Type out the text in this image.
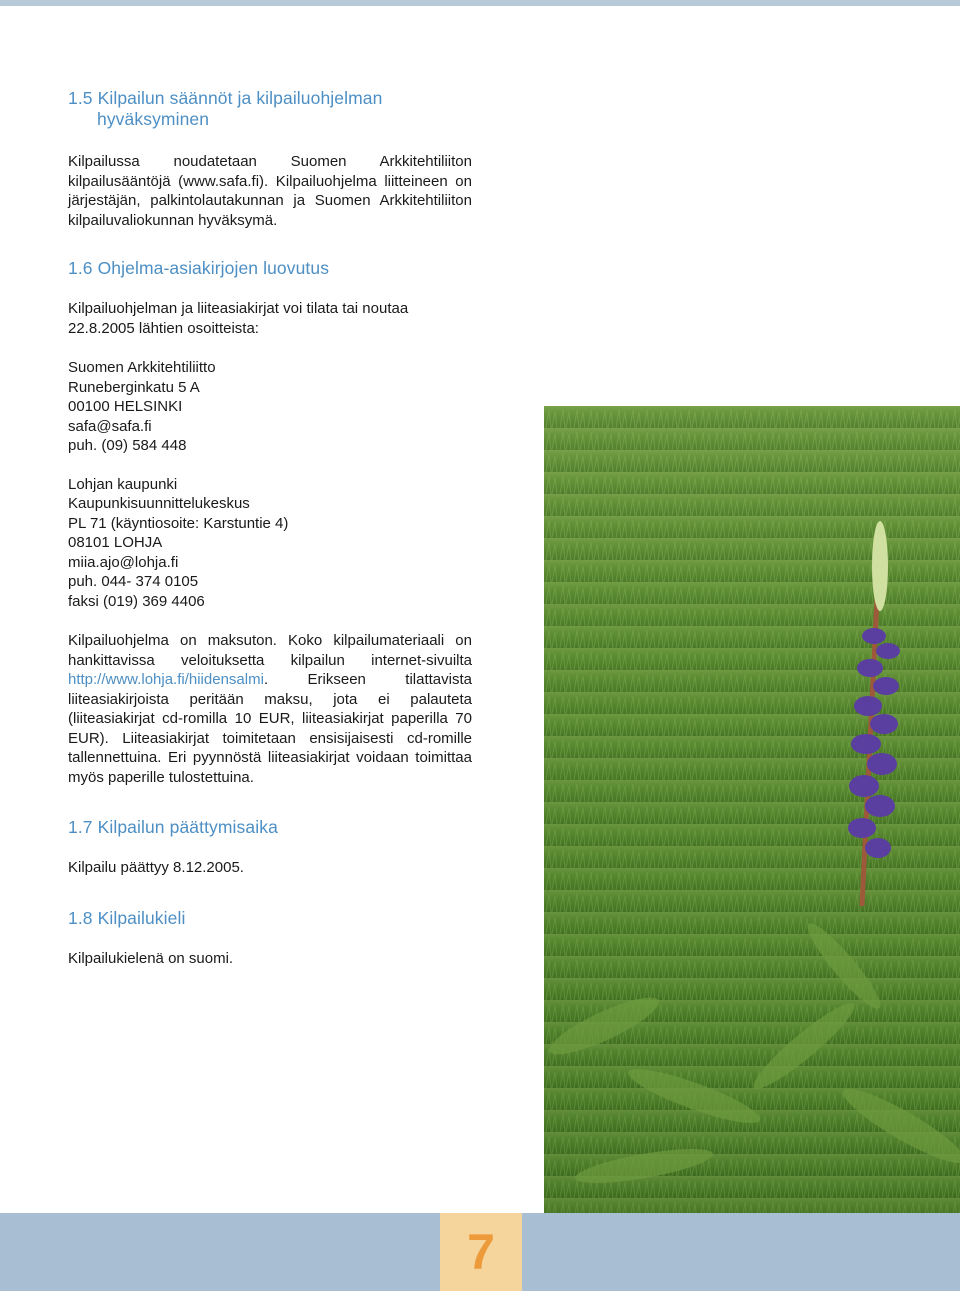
1.5 Kilpailun säännöt ja kilpailuohjelman
hyväksyminen

Kilpailussa noudatetaan Suomen Arkkitehtiliiton kilpailusääntöjä (www.safa.fi). Kilpailuohjelma liitteineen on järjestäjän, palkintolautakunnan ja Suomen Arkkitehtiliiton kilpailuvaliokunnan hyväksymä.

1.6 Ohjelma-asiakirjojen luovutus

Kilpailuohjelman ja liiteasiakirjat voi tilata tai noutaa 22.8.2005 lähtien osoitteista:

Suomen Arkkitehtiliitto

Runeberginkatu 5 A

00100 HELSINKI

safa@safa.fi

puh. (09) 584 448

Lohjan kaupunki

Kaupunkisuunnittelukeskus

PL 71 (käyntiosoite: Karstuntie 4)

08101 LOHJA

miia.ajo@lohja.fi

puh. 044- 374 0105

faksi (019) 369 4406

Kilpailuohjelma on maksuton. Koko kilpailumateriaali on hankittavissa veloituksetta kilpailun internet-sivuilta http://www.lohja.fi/hiidensalmi. Erikseen tilattavista liiteasiakirjoista peritään maksu, jota ei palauteta (liiteasiakirjat cd-romilla 10 EUR, liiteasiakirjat paperilla 70 EUR). Liiteasiakirjat toimitetaan ensisijaisesti cd-romille tallennettuina. Eri pyynnöstä liiteasiakirjat voidaan toimittaa myös paperille tulostettuina.

1.7 Kilpailun päättymisaika

Kilpailu päättyy 8.12.2005.

1.8 Kilpailukieli

Kilpailukielenä on suomi.

7
